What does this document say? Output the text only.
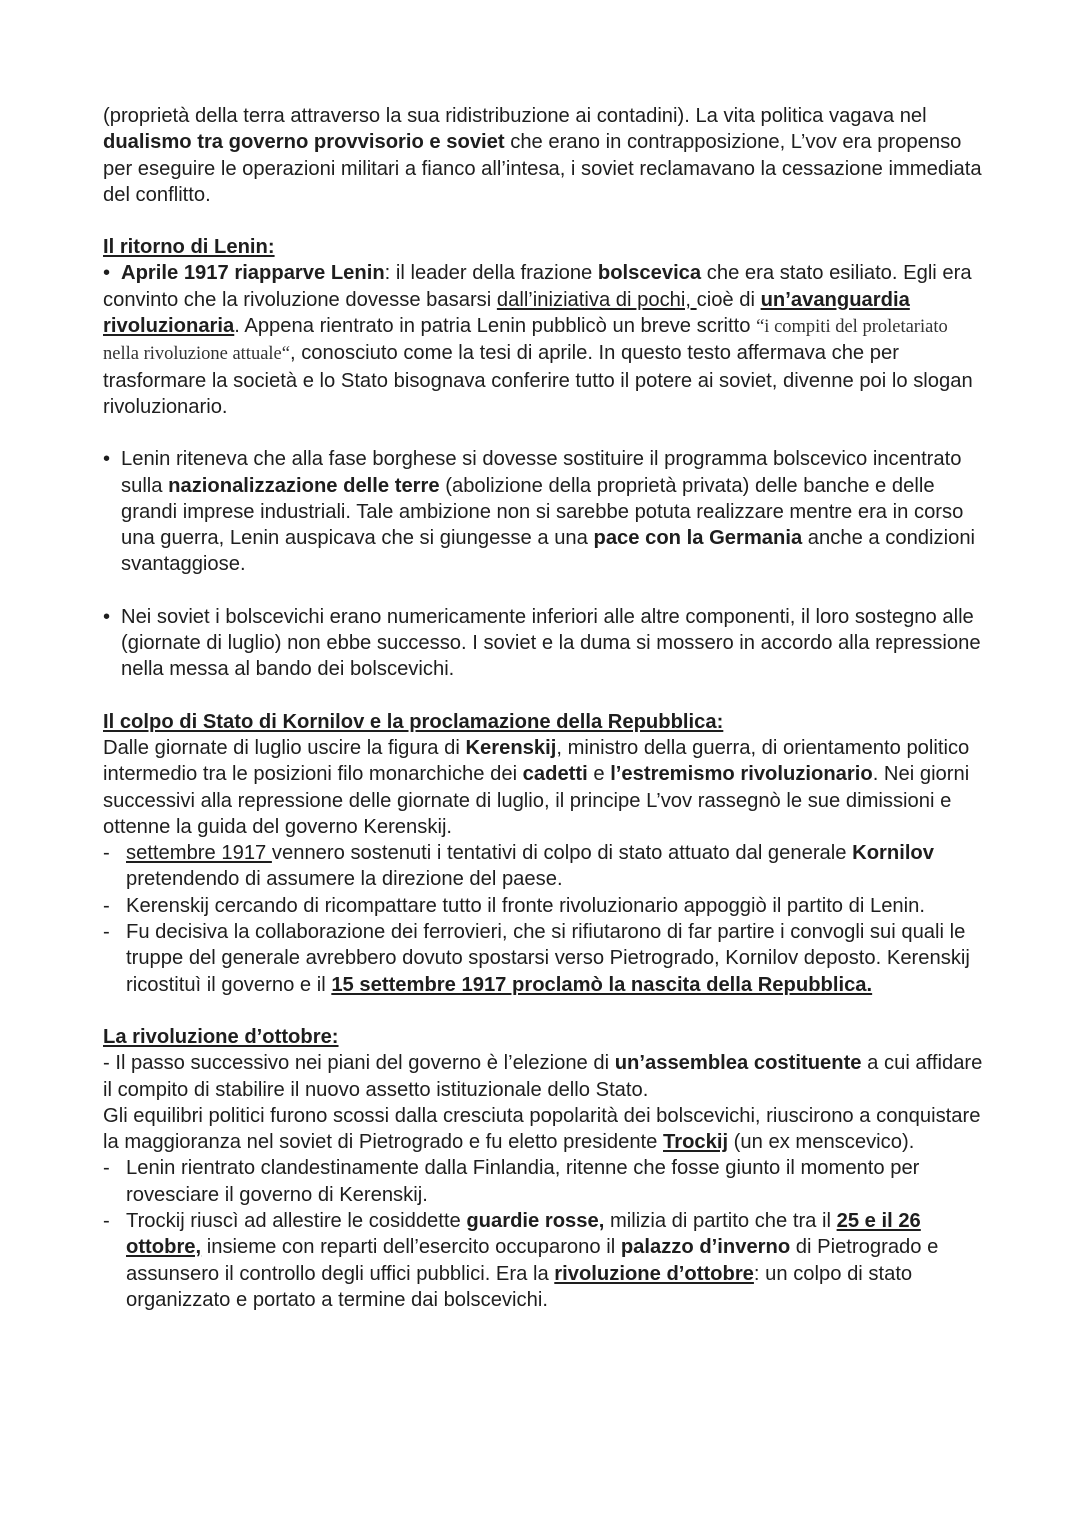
(proprietà della terra attraverso la sua ridistribuzione ai contadini). La vita politica vagava nel dualismo tra governo provvisorio e soviet che erano in contrapposizione, L’vov era propenso per eseguire le operazioni militari a fianco all’intesa, i soviet reclamavano la cessazione immediata del conflitto.

Il ritorno di Lenin:

• Aprile 1917 riapparve Lenin: il leader della frazione bolscevica che era stato esiliato. Egli era convinto che la rivoluzione dovesse basarsi dall’iniziativa di pochi, cioè di un’avanguardia rivoluzionaria. Appena rientrato in patria Lenin pubblicò un breve scritto “i compiti del proletariato nella rivoluzione attuale“, conosciuto come la tesi di aprile. In questo testo affermava che per trasformare la società e lo Stato bisognava conferire tutto il potere ai soviet, divenne poi lo slogan rivoluzionario.

• Lenin riteneva che alla fase borghese si dovesse sostituire il programma bolscevico incentrato sulla nazionalizzazione delle terre (abolizione della proprietà privata) delle banche e delle grandi imprese industriali. Tale ambizione non si sarebbe potuta realizzare mentre era in corso una guerra, Lenin auspicava che si giungesse a una pace con la Germania anche a condizioni svantaggiose.
• Nei soviet i bolscevichi erano numericamente inferiori alle altre componenti, il loro sostegno alle (giornate di luglio) non ebbe successo. I soviet e la duma si mossero in accordo alla repressione nella messa al bando dei bolscevichi.

Il colpo di Stato di Kornilov e la proclamazione della Repubblica:

Dalle giornate di luglio uscire la figura di Kerenskij, ministro della guerra, di orientamento politico intermedio tra le posizioni filo monarchiche dei cadetti e l’estremismo rivoluzionario. Nei giorni successivi alla repressione delle giornate di luglio, il principe L’vov rassegnò le sue dimissioni e ottenne la guida del governo Kerenskij.

- settembre 1917 vennero sostenuti i tentativi di colpo di stato attuato dal generale Kornilov pretendendo di assumere la direzione del paese.
- Kerenskij cercando di ricompattare tutto il fronte rivoluzionario appoggiò il partito di Lenin.
- Fu decisiva la collaborazione dei ferrovieri, che si rifiutarono di far partire i convogli sui quali le truppe del generale avrebbero dovuto spostarsi verso Pietrogrado, Kornilov deposto. Kerenskij ricostituì il governo e il 15 settembre 1917 proclamò la nascita della Repubblica.

La rivoluzione d’ottobre:

- Il passo successivo nei piani del governo è l’elezione di un’assemblea costituente a cui affidare il compito di stabilire il nuovo assetto istituzionale dello Stato.

Gli equilibri politici furono scossi dalla cresciuta popolarità dei bolscevichi, riuscirono a conquistare la maggioranza nel soviet di Pietrogrado e fu eletto presidente Trockij (un ex menscevico).

- Lenin rientrato clandestinamente dalla Finlandia, ritenne che fosse giunto il momento per rovesciare il governo di Kerenskij.
- Trockij riuscì ad allestire le cosiddette guardie rosse, milizia di partito che tra il 25 e il 26 ottobre, insieme con reparti dell’esercito occuparono il palazzo d’inverno di Pietrogrado e assunsero il controllo degli uffici pubblici. Era la rivoluzione d’ottobre: un colpo di stato organizzato e portato a termine dai bolscevichi.
